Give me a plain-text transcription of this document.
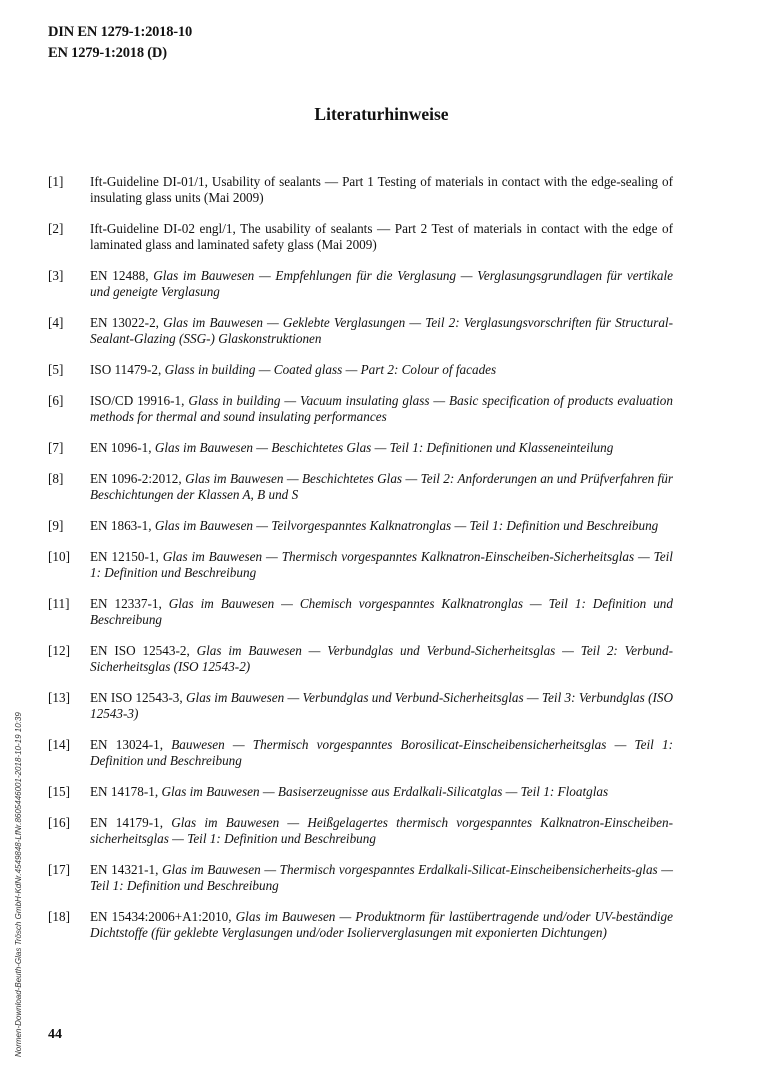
DIN EN 1279-1:2018-10
EN 1279-1:2018 (D)
Literaturhinweise
[1]	Ift-Guideline DI-01/1, Usability of sealants — Part 1 Testing of materials in contact with the edge-sealing of insulating glass units (Mai 2009)
[2]	Ift-Guideline DI-02 engl/1, The usability of sealants — Part 2 Test of materials in contact with the edge of laminated glass and laminated safety glass (Mai 2009)
[3]	EN 12488, Glas im Bauwesen — Empfehlungen für die Verglasung — Verglasungsgrundlagen für vertikale und geneigte Verglasung
[4]	EN 13022-2, Glas im Bauwesen — Geklebte Verglasungen — Teil 2: Verglasungsvorschriften für Structural-Sealant-Glazing (SSG-) Glaskonstruktionen
[5]	ISO 11479-2, Glass in building — Coated glass — Part 2: Colour of facades
[6]	ISO/CD 19916-1, Glass in building — Vacuum insulating glass — Basic specification of products evaluation methods for thermal and sound insulating performances
[7]	EN 1096-1, Glas im Bauwesen — Beschichtetes Glas — Teil 1: Definitionen und Klasseneinteilung
[8]	EN 1096-2:2012, Glas im Bauwesen — Beschichtetes Glas — Teil 2: Anforderungen an und Prüfverfahren für Beschichtungen der Klassen A, B und S
[9]	EN 1863-1, Glas im Bauwesen — Teilvorgespanntes Kalknatronglas — Teil 1: Definition und Beschreibung
[10]	EN 12150-1, Glas im Bauwesen — Thermisch vorgespanntes Kalknatron-Einscheiben-Sicherheitsglas — Teil 1: Definition und Beschreibung
[11]	EN 12337-1, Glas im Bauwesen — Chemisch vorgespanntes Kalknatronglas — Teil 1: Definition und Beschreibung
[12]	EN ISO 12543-2, Glas im Bauwesen — Verbundglas und Verbund-Sicherheitsglas — Teil 2: Verbund-Sicherheitsglas (ISO 12543-2)
[13]	EN ISO 12543-3, Glas im Bauwesen — Verbundglas und Verbund-Sicherheitsglas — Teil 3: Verbundglas (ISO 12543-3)
[14]	EN 13024-1, Bauwesen — Thermisch vorgespanntes Borosilicat-Einscheibensicherheitsglas — Teil 1: Definition und Beschreibung
[15]	EN 14178-1, Glas im Bauwesen — Basiserzeugnisse aus Erdalkali-Silicatglas — Teil 1: Floatglas
[16]	EN 14179-1, Glas im Bauwesen — Heißgelagertes thermisch vorgespanntes Kalknatron-Einscheiben-sicherheitsglas — Teil 1: Definition und Beschreibung
[17]	EN 14321-1, Glas im Bauwesen — Thermisch vorgespanntes Erdalkali-Silicat-Einscheibensicherheits-glas — Teil 1: Definition und Beschreibung
[18]	EN 15434:2006+A1:2010, Glas im Bauwesen — Produktnorm für lastübertragende und/oder UV-beständige Dichtstoffe (für geklebte Verglasungen und/oder Isolierverglasungen mit exponierten Dichtungen)
Normen-Download-Beuth-Glas Trösch GmbH-KdNr.4549848-LfNr.8605446001-2018-10-19 10:39 44
